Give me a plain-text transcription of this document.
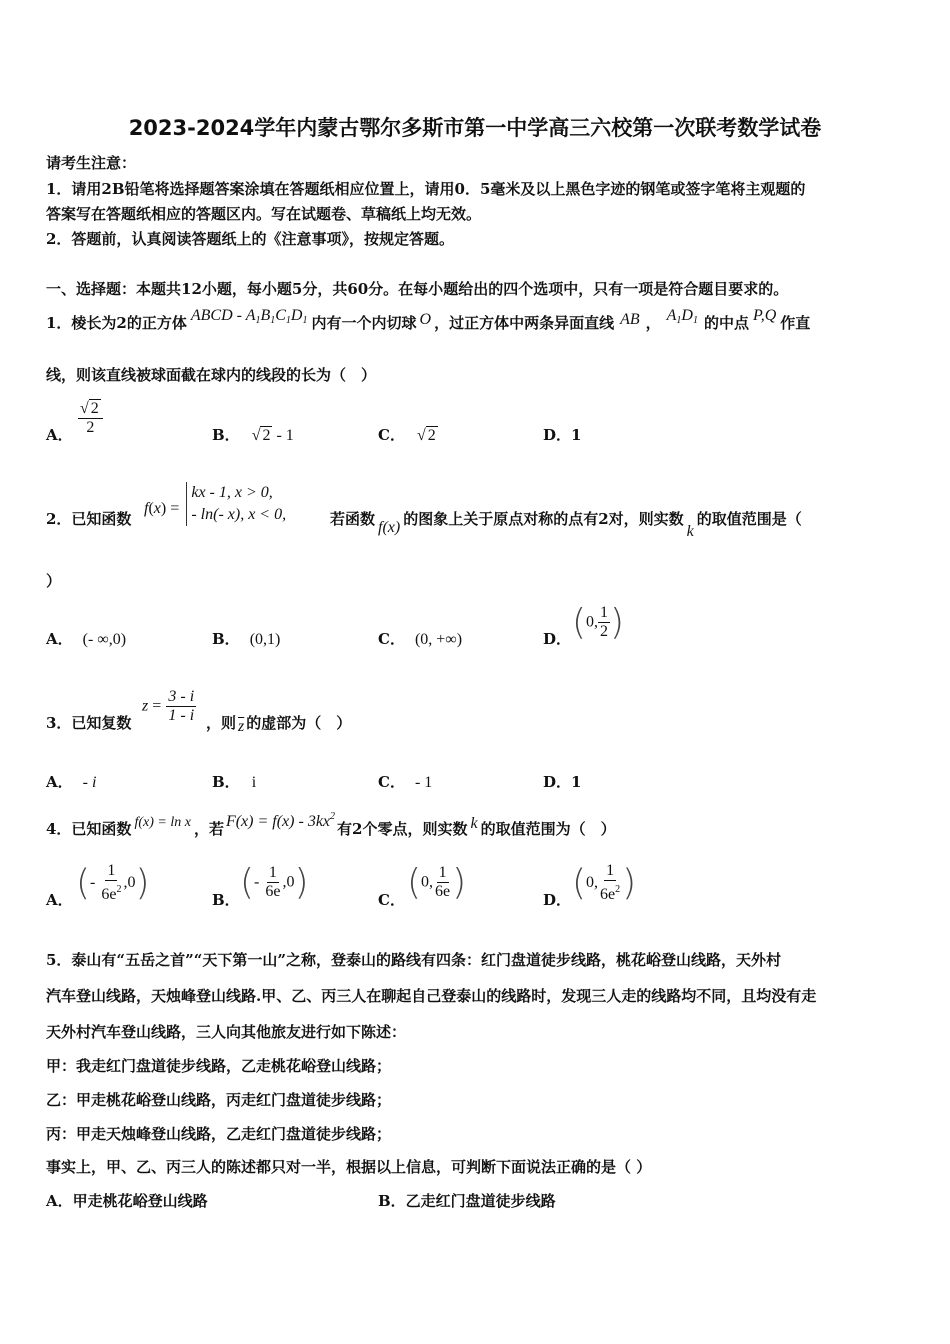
2023-2024学年内蒙古鄂尔多斯市第一中学高三六校第一次联考数学试卷
请考生注意：
1．请用2B铅笔将选择题答案涂填在答题纸相应位置上，请用0．5毫米及以上黑色字迹的钢笔或签字笔将主观题的
答案写在答题纸相应的答题区内。写在试题卷、草稿纸上均无效。
2．答题前，认真阅读答题纸上的《注意事项》，按规定答题。
一、选择题：本题共12小题，每小题5分，共60分。在每小题给出的四个选项中，只有一项是符合题目要求的。
1．棱长为2的正方体 ABCD - $A_1B_1C_1D_1$ 内有一个内切球 O ，过正方体中两条异面直线 AB ， $A_1D_1$ 的中点 P,Q 作直
线，则该直线被球面截在球内的线段的长为（　）
A． $\frac{√ 2}{2}$	B． √ 2 - 1	C． √ 2	D．1
2．已知函数
f(x) =
kx - 1, x > 0,
- ln(- x), x < 0,	若函数 f(x) 的图象上关于原点对称的点有2对，则实数k的取值范围是（
）
A． (- ∞,0)	B． (0,1)	C． (0, +∞)	D． (0, $\frac{1}{2}$ )
3．已知复数
$z = \frac{3 - i}{1 - i}$ ，则 $\overline{z}$ 的虚部为（　）
A． - i	B． i	C． - 1	D．1
4．已知函数 f(x) = ln x ，若 $F(x) = f(x) - 3kx^2$有2个零点，则实数 k 的取值范围为（　）
A． (- $\frac{1}{6e^2} ,0$)	B． (- $\frac{1}{6e} ,0$)	C． (0, $\frac{1}{6e}$ )	D． (0, $\frac{1}{6e^2}$ )
5．泰山有“五岳之首”“天下第一山”之称，登泰山的路线有四条：红门盘道徒步线路，桃花峪登山线路，天外村
汽车登山线路，天烛峰登山线路.甲、乙、丙三人在聊起自己登泰山的线路时，发现三人走的线路均不同，且均没有走
天外村汽车登山线路，三人向其他旅友进行如下陈述：
甲：我走红门盘道徒步线路，乙走桃花峪登山线路；
乙：甲走桃花峪登山线路，丙走红门盘道徒步线路；
丙：甲走天烛峰登山线路，乙走红门盘道徒步线路；
事实上，甲、乙、丙三人的陈述都只对一半，根据以上信息，可判断下面说法正确的是（ ）
A．甲走桃花峪登山线路	B．乙走红门盘道徒步线路
